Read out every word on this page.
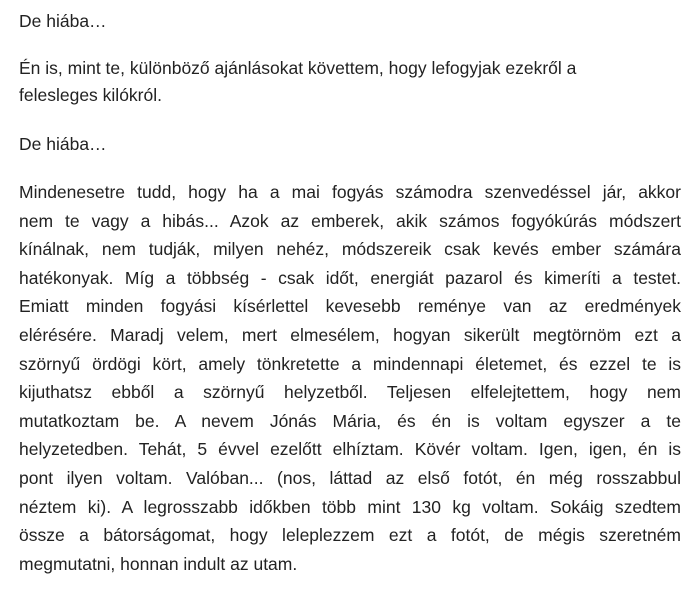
De hiába…

Én is, mint te, különböző ajánlásokat követtem, hogy lefogyjak ezekről a
felesleges kilókról.

De hiába…

Mindenesetre tudd, hogy ha a mai fogyás számodra szenvedéssel jár, akkor
nem te vagy a hibás... Azok az emberek, akik számos fogyókúrás módszert
kínálnak, nem tudják, milyen nehéz, módszereik csak kevés ember számára
hatékonyak. Míg a többség - csak időt, energiát pazarol és kimeríti a testet.
Emiatt minden fogyási kísérlettel kevesebb reménye van az eredmények
elérésére. Maradj velem, mert elmesélem, hogyan sikerült megtörnöm ezt a
szörnyű ördögi kört, amely tönkretette a mindennapi életemet, és ezzel te is
kijuthatsz ebből a szörnyű helyzetből. Teljesen elfelejtettem, hogy nem
mutatkoztam be. A nevem Jónás Mária, és én is voltam egyszer a te
helyzetedben. Tehát, 5 évvel ezelőtt elhíztam. Kövér voltam. Igen, igen, én is
pont ilyen voltam. Valóban... (nos, láttad az első fotót, én még rosszabbul
néztem ki). A legrosszabb időkben több mint 130 kg voltam. Sokáig szedtem
össze a bátorságomat, hogy leleplezzem ezt a fotót, de mégis szeretném
megmutatni, honnan indult az utam.
